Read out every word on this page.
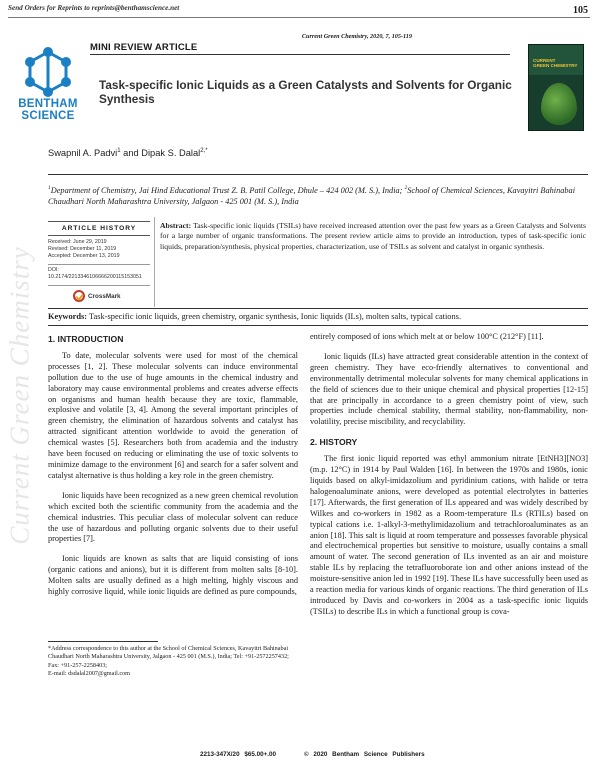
Current Green Chemistry
Send Orders for Reprints to reprints@benthamscience.net	105
Current Green Chemistry, 2020, 7, 105-119
MINI REVIEW ARTICLE
BENTHAM
SCIENCE
CURRENT
GREEN CHEMISTRY
Task-specific Ionic Liquids as a Green Catalysts and Solvents for Organic Synthesis
Swapnil A. Padvi$^1$ and Dipak S. Dalal$^{2,*}$
$^1$Department of Chemistry, Jai Hind Educational Trust Z. B. Patil College, Dhule – 424 002 (M. S.), India; $^2$School of Chemical Sciences, Kavayitri Bahinabai Chaudhari North Maharashtra University, Jalgaon - 425 001 (M. S.), India
ARTICLE HISTORY
Received: June 29, 2019
Revised: December 11, 2019
Accepted: December 13, 2019
DOI:
10.2174/2213346106666200115153051
CrossMark
Abstract: Task-specific ionic liquids (TSILs) have received increased attention over the past few years as a Green Catalysts and Solvents for a large number of organic transformations. The present review article aims to provide an introduction, types of task-specific ionic liquids, preparation/synthesis, physical properties, characterization, use of TSILs as solvent and catalyst in organic synthesis.
Keywords: Task-specific ionic liquids, green chemistry, organic synthesis, Ionic liquids (ILs), molten salts, typical cations.
1. INTRODUCTION

To date, molecular solvents were used for most of the chemical processes [1, 2]. These molecular solvents can induce environmental pollution due to the use of huge amounts in the chemical industry and laboratory may cause environmental problems and creates adverse effects on organisms and human health because they are toxic, flammable, explosive and volatile [3, 4]. Among the several important principles of green chemistry, the elimination of hazardous solvents and catalyst has attracted significant attention worldwide to avoid the generation of chemical wastes [5]. Researchers both from academia and the industry have been focused on reducing or eliminating the use of toxic solvents to minimize damage to the environment [6] and search for a safer solvent and catalyst alternative is thus holding a key role in the green chemistry.

Ionic liquids have been recognized as a new green chemical revolution which excited both the scientific community from the academia and the chemical industries. This peculiar class of molecular solvent can reduce the use of hazardous and polluting organic solvents due to their useful properties [7].

Ionic liquids are known as salts that are liquid consisting of ions (organic cations and anions), but it is different from molten salts [8-10]. Molten salts are usually defined as a high melting, highly viscous and highly corrosive liquid, while ionic liquids are defined as pure compounds,

entirely composed of ions which melt at or below 100°C (212°F) [11].

Ionic liquids (ILs) have attracted great considerable attention in the context of green chemistry. They have eco-friendly alternatives to conventional and environmentally detrimental molecular solvents for many chemical applications in the field of sciences due to their unique chemical and physical properties [12-15] that are principally in accordance to a green chemistry point of view, such properties include chemical stability, thermal stability, non-flammability, non-volatility, precise miscibility, and recyclability.

2. HISTORY

The first ionic liquid reported was ethyl ammonium nitrate [EtNH3][NO3] (m.p. 12°C) in 1914 by Paul Walden [16]. In between the 1970s and 1980s, ionic liquids based on alkyl-imidazolium and pyridinium cations, with halide or tetra halogenoaluminate anions, were developed as potential electrolytes in batteries [17]. Afterwards, the first generation of ILs appeared and was widely described by Wilkes and co-workers in 1982 as a Room-temperature ILs (RTILs) based on typical cations i.e. 1-alkyl-3-methylimidazolium and tetrachloroaluminates as an anion [18]. This salt is liquid at room temperature and possesses favorable physical and electrochemical properties but sensitive to moisture, usually contains a small amount of water. The second generation of ILs invented as an air and moisture stable ILs by replacing the tetrafluoroborate ion and other anions instead of the moisture-sensitive anion led in 1992 [19]. These ILs have successfully been used as a reaction media for various kinds of organic reactions. The third generation of ILs introduced by Davis and co-workers in 2004 as a task-specific ionic liquids (TSILs) to describe ILs in which a functional group is cova-

*Address correspondence to this author at the School of Chemical Sciences, Kavayitri Bahinabai Chaudhari North Maharashtra University, Jalgaon - 425 001 (M.S.), India; Tel: +91-2572257432; Fax: +91-257-2258403;
E-mail: dsdalal2007@gmail.com
2213-347X/20 $65.00+.00	© 2020 Bentham Science Publishers
